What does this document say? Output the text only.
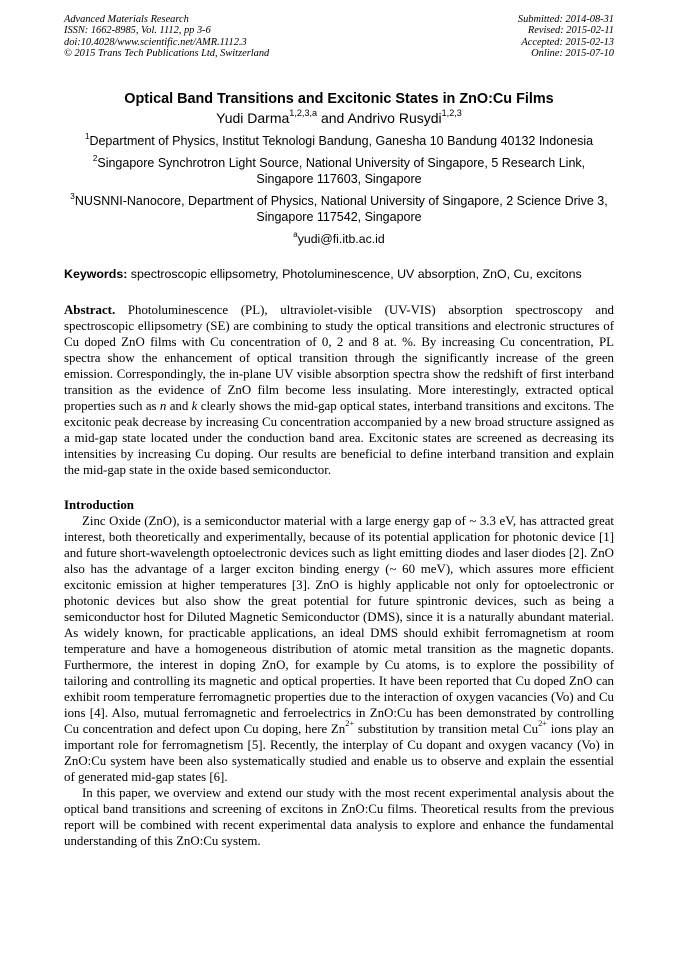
Advanced Materials Research
ISSN: 1662-8985, Vol. 1112, pp 3-6
doi:10.4028/www.scientific.net/AMR.1112.3
© 2015 Trans Tech Publications Ltd, Switzerland
Submitted: 2014-08-31
Revised: 2015-02-11
Accepted: 2015-02-13
Online: 2015-07-10
Optical Band Transitions and Excitonic States in ZnO:Cu Films
Yudi Darma$^{1,2,3,a}$ and Andrivo Rusydi$^{1,2,3}$
$^1$Department of Physics, Institut Teknologi Bandung, Ganesha 10 Bandung 40132 Indonesia
$^2$Singapore Synchrotron Light Source, National University of Singapore, 5 Research Link,
Singapore 117603, Singapore
$^3$NUSNNI-Nanocore, Department of Physics, National University of Singapore, 2 Science Drive 3,
Singapore 117542, Singapore
$^a$yudi@fi.itb.ac.id
Keywords: spectroscopic ellipsometry, Photoluminescence, UV absorption, ZnO, Cu, excitons
Abstract. Photoluminescence (PL), ultraviolet-visible (UV-VIS) absorption spectroscopy and spectroscopic ellipsometry (SE) are combining to study the optical transitions and electronic structures of Cu doped ZnO films with Cu concentration of 0, 2 and 8 at. %. By increasing Cu concentration, PL spectra show the enhancement of optical transition through the significantly increase of the green emission. Correspondingly, the in-plane UV visible absorption spectra show the redshift of first interband transition as the evidence of ZnO film become less insulating. More interestingly, extracted optical properties such as n and k clearly shows the mid-gap optical states, interband transitions and excitons. The excitonic peak decrease by increasing Cu concentration accompanied by a new broad structure assigned as a mid-gap state located under the conduction band area. Excitonic states are screened as decreasing its intensities by increasing Cu doping. Our results are beneficial to define interband transition and explain the mid-gap state in the oxide based semiconductor.
Introduction

Zinc Oxide (ZnO), is a semiconductor material with a large energy gap of ~ 3.3 eV, has attracted great interest, both theoretically and experimentally, because of its potential application for photonic device [1] and future short-wavelength optoelectronic devices such as light emitting diodes and laser diodes [2]. ZnO also has the advantage of a larger exciton binding energy (~ 60 meV), which assures more efficient excitonic emission at higher temperatures [3]. ZnO is highly applicable not only for optoelectronic or photonic devices but also show the great potential for future spintronic devices, such as being a semiconductor host for Diluted Magnetic Semiconductor (DMS), since it is a naturally abundant material. As widely known, for practicable applications, an ideal DMS should exhibit ferromagnetism at room temperature and have a homogeneous distribution of atomic metal transition as the magnetic dopants. Furthermore, the interest in doping ZnO, for example by Cu atoms, is to explore the possibility of tailoring and controlling its magnetic and optical properties. It have been reported that Cu doped ZnO can exhibit room temperature ferromagnetic properties due to the interaction of oxygen vacancies (Vo) and Cu ions [4]. Also, mutual ferromagnetic and ferroelectrics in ZnO:Cu has been demonstrated by controlling Cu concentration and defect upon Cu doping, here $Zn^{2+}$ substitution by transition metal $Cu^{2+}$ ions play an important role for ferromagnetism [5]. Recently, the interplay of Cu dopant and oxygen vacancy (Vo) in ZnO:Cu system have been also systematically studied and enable us to observe and explain the essential of generated mid-gap states [6].

In this paper, we overview and extend our study with the most recent experimental analysis about the optical band transitions and screening of excitons in ZnO:Cu films. Theoretical results from the previous report will be combined with recent experimental data analysis to explore and enhance the fundamental understanding of this ZnO:Cu system.
